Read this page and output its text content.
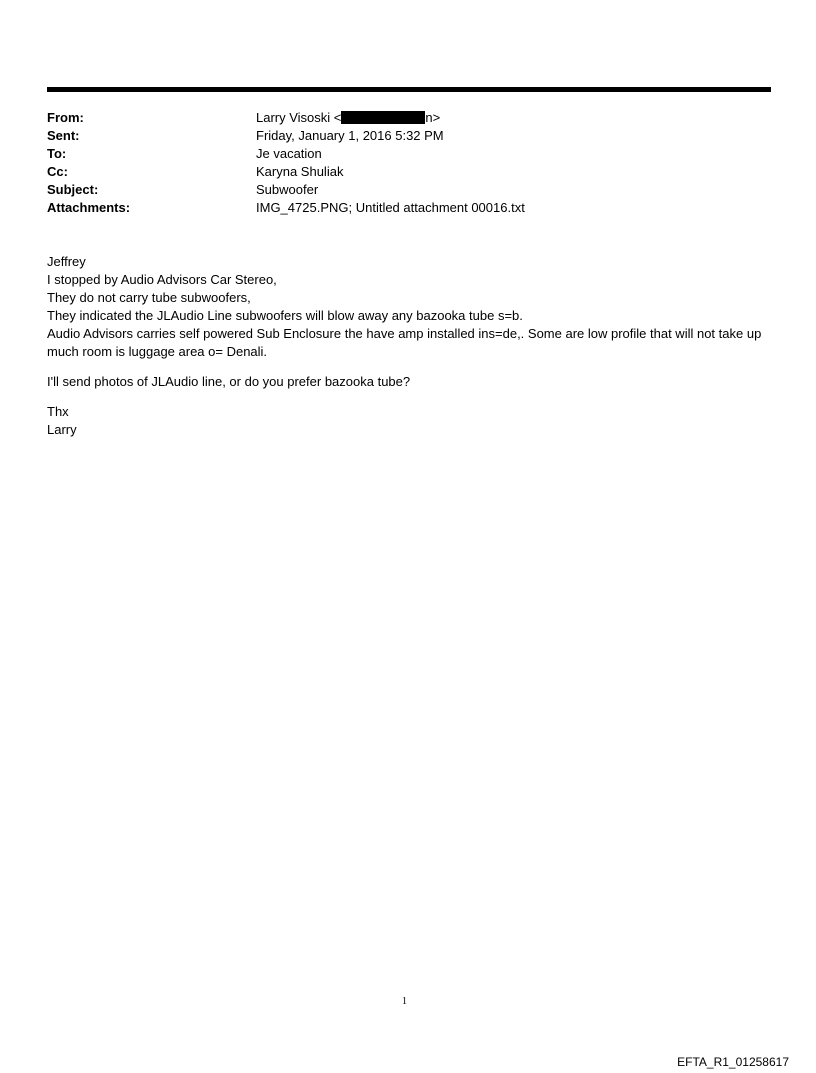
From:	Larry Visoski <	n>
Sent:	Friday, January 1, 2016 5:32 PM
To:	Je vacation
Cc:	Karyna Shuliak
Subject:	Subwoofer
Attachments:	IMG_4725.PNG; Untitled attachment 00016.txt

Jeffrey

I stopped by Audio Advisors Car Stereo,

They do not carry tube subwoofers,

They indicated the JLAudio Line subwoofers will blow away any bazooka tube s=b.

Audio Advisors carries self powered Sub Enclosure the have amp installed ins=de,. Some are low profile that will not take up much room is luggage area o= Denali.

I'll send photos of JLAudio line, or do you prefer bazooka tube?

Thx

Larry

1
EFTA_R1_01258617
